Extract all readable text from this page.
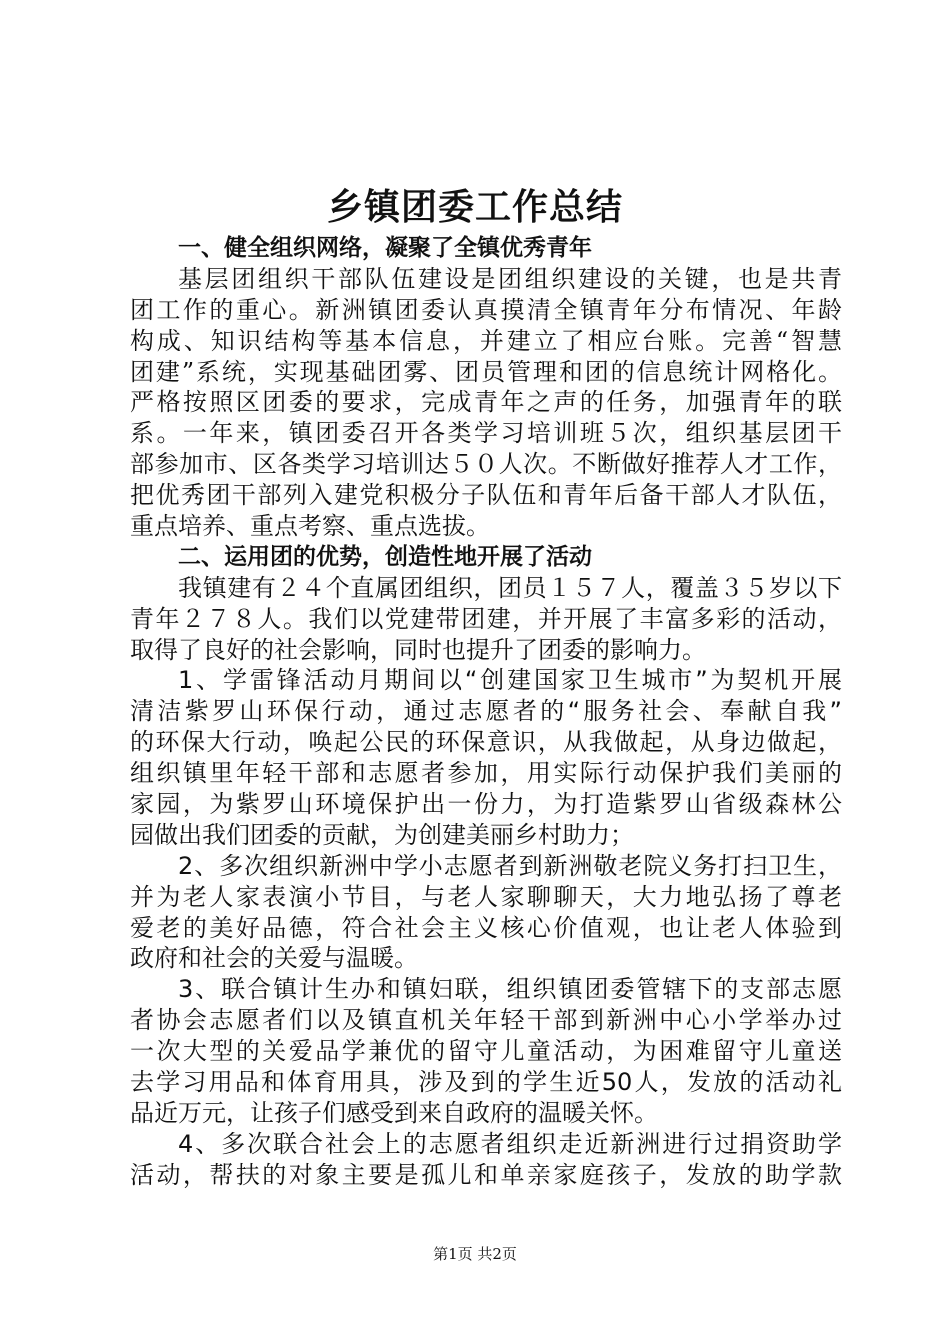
乡镇团委工作总结
一、健全组织网络，凝聚了全镇优秀青年
基层团组织干部队伍建设是团组织建设的关键，也是共青
团工作的重心。新洲镇团委认真摸清全镇青年分布情况、年龄
构成、知识结构等基本信息，并建立了相应台账。完善“智慧
团建”系统，实现基础团雾、团员管理和团的信息统计网格化。
严格按照区团委的要求，完成青年之声的任务，加强青年的联
系。一年来，镇团委召开各类学习培训班５次，组织基层团干
部参加市、区各类学习培训达５０人次。不断做好推荐人才工作，
把优秀团干部列入建党积极分子队伍和青年后备干部人才队伍，
重点培养、重点考察、重点选拔。
二、运用团的优势，创造性地开展了活动
我镇建有２４个直属团组织，团员１５７人，覆盖３５岁以下
青年２７８人。我们以党建带团建，并开展了丰富多彩的活动，
取得了良好的社会影响，同时也提升了团委的影响力。
1、学雷锋活动月期间以“创建国家卫生城市”为契机开展
清洁紫罗山环保行动，通过志愿者的“服务社会、奉献自我”
的环保大行动，唤起公民的环保意识，从我做起，从身边做起，
组织镇里年轻干部和志愿者参加，用实际行动保护我们美丽的
家园，为紫罗山环境保护出一份力，为打造紫罗山省级森林公
园做出我们团委的贡献，为创建美丽乡村助力；
2、多次组织新洲中学小志愿者到新洲敬老院义务打扫卫生，
并为老人家表演小节目，与老人家聊聊天，大力地弘扬了尊老
爱老的美好品德，符合社会主义核心价值观，也让老人体验到
政府和社会的关爱与温暖。
3、联合镇计生办和镇妇联，组织镇团委管辖下的支部志愿
者协会志愿者们以及镇直机关年轻干部到新洲中心小学举办过
一次大型的关爱品学兼优的留守儿童活动，为困难留守儿童送
去学习用品和体育用具，涉及到的学生近50人，发放的活动礼
品近万元，让孩子们感受到来自政府的温暖关怀。
4、多次联合社会上的志愿者组织走近新洲进行过捐资助学
活动，帮扶的对象主要是孤儿和单亲家庭孩子，发放的助学款
第1页 共2页
